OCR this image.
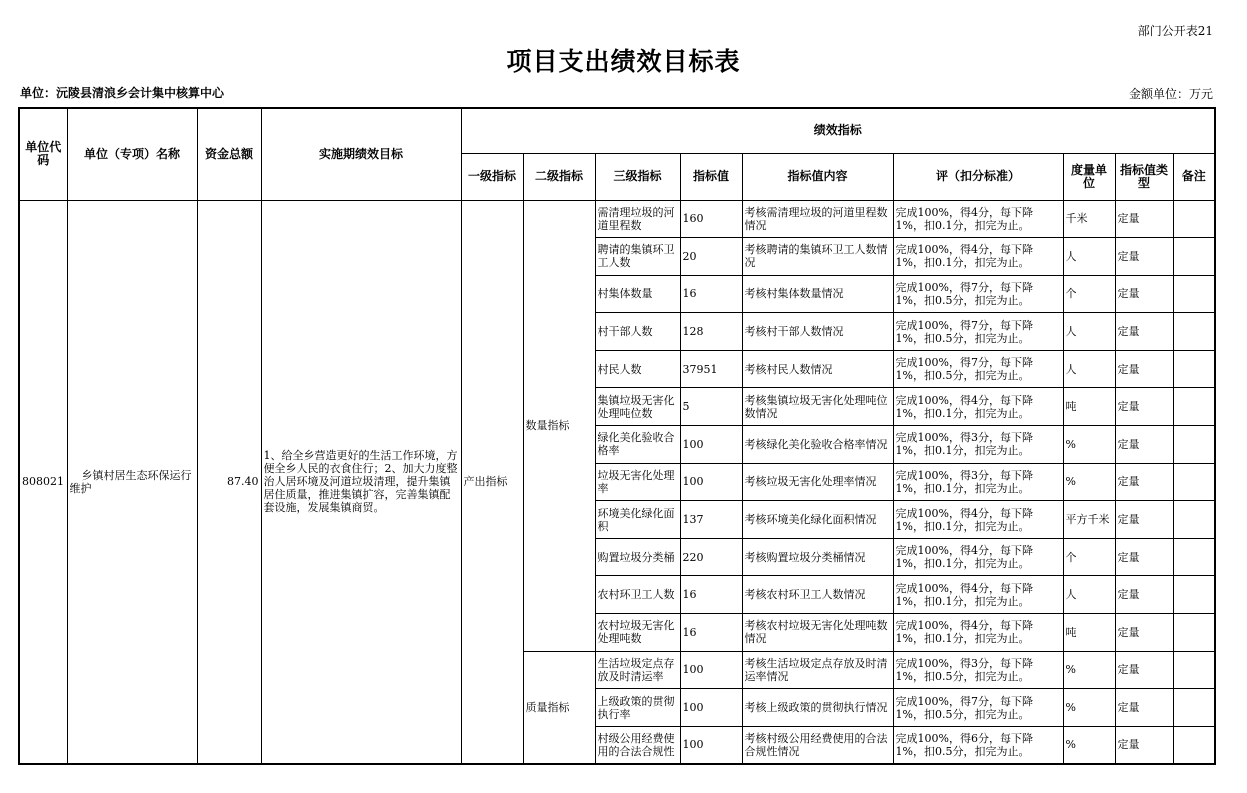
部门公开表21
项目支出绩效目标表
单位：沅陵县清浪乡会计集中核算中心	金额单位：万元
单位代码	单位（专项）名称	资金总额	实施期绩效目标	绩效指标								
				一级指标	二级指标	三级指标	指标值	指标值内容	评（扣分标准）	度量单位	指标值类型	备注
808021	乡镇村居生态环保运行维护	87.40	1、给全乡营造更好的生活工作环境，方便全乡人民的衣食住行；2、加大力度整治人居环境及河道垃圾清理，提升集镇居住质量，推进集镇扩容，完善集镇配套设施，发展集镇商贸。	产出指标	数量指标	需清理垃圾的河道里程数	160	考核需清理垃圾的河道里程数情况	完成100%，得4分，每下降1%，扣0.1分，扣完为止。	千米	定量	
						聘请的集镇环卫工人数	20	考核聘请的集镇环卫工人数情况	完成100%，得4分，每下降1%，扣0.1分，扣完为止。	人	定量	
						村集体数量	16	考核村集体数量情况	完成100%，得7分，每下降1%，扣0.5分，扣完为止。	个	定量	
						村干部人数	128	考核村干部人数情况	完成100%，得7分，每下降1%，扣0.5分，扣完为止。	人	定量	
						村民人数	37951	考核村民人数情况	完成100%，得7分，每下降1%，扣0.5分，扣完为止。	人	定量	
						集镇垃圾无害化处理吨位数	5	考核集镇垃圾无害化处理吨位数情况	完成100%，得4分，每下降1%，扣0.1分，扣完为止。	吨	定量	
						绿化美化验收合格率	100	考核绿化美化验收合格率情况	完成100%，得3分，每下降1%，扣0.1分，扣完为止。	%	定量	
						垃圾无害化处理率	100	考核垃圾无害化处理率情况	完成100%，得3分，每下降1%，扣0.1分，扣完为止。	%	定量	
						环境美化绿化面积	137	考核环境美化绿化面积情况	完成100%，得4分，每下降1%，扣0.1分，扣完为止。	平方千米	定量	
						购置垃圾分类桶	220	考核购置垃圾分类桶情况	完成100%，得4分，每下降1%，扣0.1分，扣完为止。	个	定量	
						农村环卫工人数	16	考核农村环卫工人数情况	完成100%，得4分，每下降1%，扣0.1分，扣完为止。	人	定量	
						农村垃圾无害化处理吨数	16	考核农村垃圾无害化处理吨数情况	完成100%，得4分，每下降1%，扣0.1分，扣完为止。	吨	定量	
					质量指标	生活垃圾定点存放及时清运率	100	考核生活垃圾定点存放及时清运率情况	完成100%，得3分，每下降1%，扣0.5分，扣完为止。	%	定量	
						上级政策的贯彻执行率	100	考核上级政策的贯彻执行情况	完成100%，得7分，每下降1%，扣0.5分，扣完为止。	%	定量	
						村级公用经费使用的合法合规性	100	考核村级公用经费使用的合法合规性情况	完成100%，得6分，每下降1%，扣0.5分，扣完为止。	%	定量	
